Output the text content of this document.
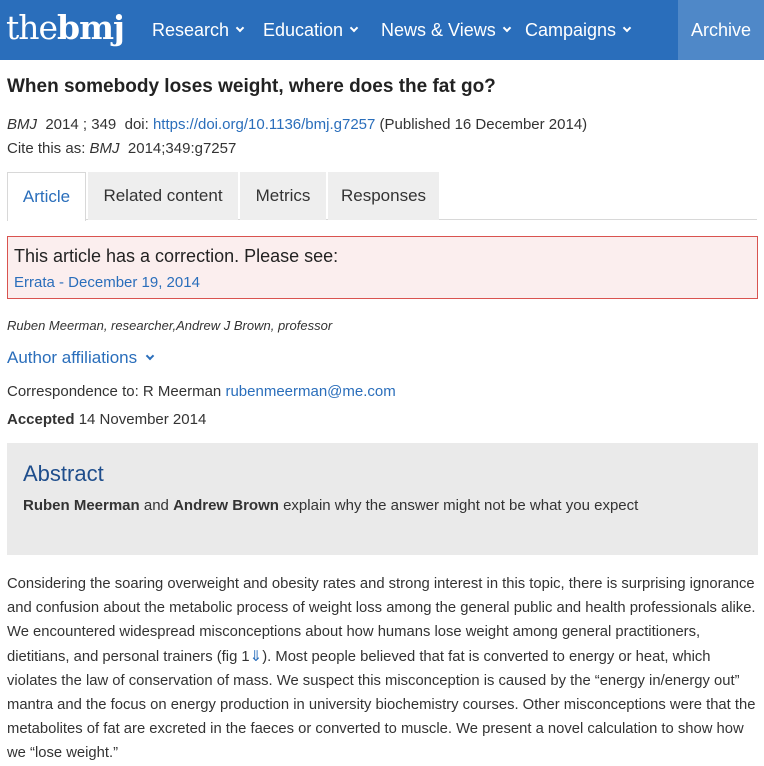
thebmj Research Education News & Views Campaigns	Archive
When somebody loses weight, where does the fat go?
BMJ 2014 ; 349 doi: https://doi.org/10.1136/bmj.g7257 (Published 16 December 2014)
Cite this as: BMJ 2014;349:g7257
Article Related content Metrics Responses
This article has a correction. Please see:
Errata - December 19, 2014
Ruben Meerman, researcher,Andrew J Brown, professor
Author affiliations
Correspondence to: R Meerman rubenmeerman@me.com
Accepted 14 November 2014
Abstract
Ruben Meerman and Andrew Brown explain why the answer might not be what you expect

Considering the soaring overweight and obesity rates and strong interest in this topic, there is surprising ignorance and confusion about the metabolic process of weight loss among the general public and health professionals alike. We encountered widespread misconceptions about how humans lose weight among general practitioners, dietitians, and personal trainers (fig 1⇓). Most people believed that fat is converted to energy or heat, which violates the law of conservation of mass. We suspect this misconception is caused by the “energy in/energy out” mantra and the focus on energy production in university biochemistry courses. Other misconceptions were that the metabolites of fat are excreted in the faeces or converted to muscle. We present a novel calculation to show how we “lose weight.”
